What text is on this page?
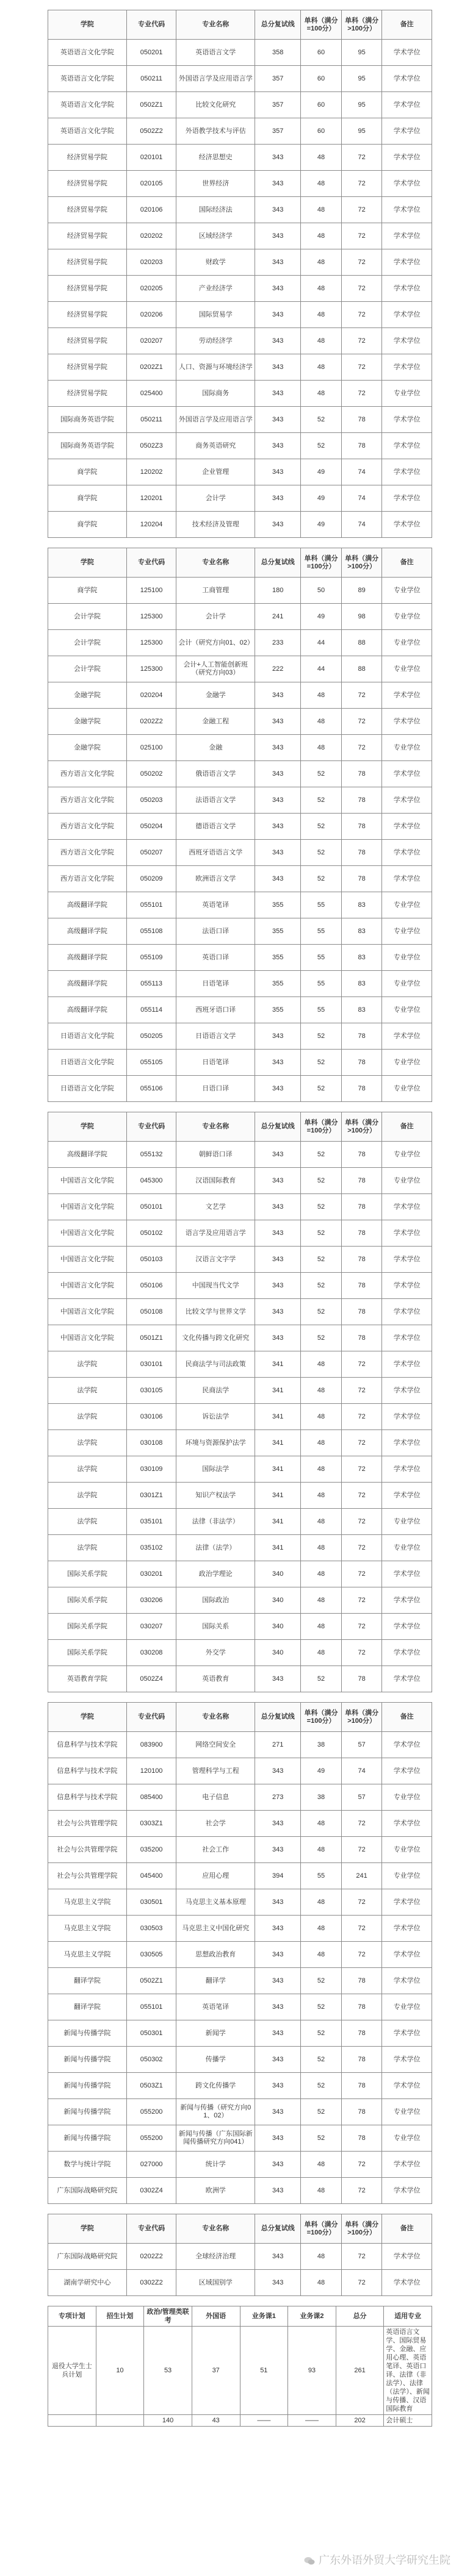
学院	专业代码	专业名称	总分复试线	单科（满分=100分）	单科（满分>100分）	备注
英语语言文化学院	050201	英语语言文学	358	60	95	学术学位
英语语言文化学院	050211	外国语言学及应用语言学	357	60	95	学术学位
英语语言文化学院	0502Z1	比较文化研究	357	60	95	学术学位
英语语言文化学院	0502Z2	外语教学技术与评估	357	60	95	学术学位
经济贸易学院	020101	经济思想史	343	48	72	学术学位
经济贸易学院	020105	世界经济	343	48	72	学术学位
经济贸易学院	020106	国际经济法	343	48	72	学术学位
经济贸易学院	020202	区域经济学	343	48	72	学术学位
经济贸易学院	020203	财政学	343	48	72	学术学位
经济贸易学院	020205	产业经济学	343	48	72	学术学位
经济贸易学院	020206	国际贸易学	343	48	72	学术学位
经济贸易学院	020207	劳动经济学	343	48	72	学术学位
经济贸易学院	0202Z1	人口、资源与环境经济学	343	48	72	学术学位
经济贸易学院	025400	国际商务	343	48	72	专业学位
国际商务英语学院	050211	外国语言学及应用语言学	343	52	78	学术学位
国际商务英语学院	0502Z3	商务英语研究	343	52	78	学术学位
商学院	120202	企业管理	343	49	74	学术学位
商学院	120201	会计学	343	49	74	学术学位
商学院	120204	技术经济及管理	343	49	74	学术学位
学院	专业代码	专业名称	总分复试线	单科（满分=100分）	单科（满分>100分）	备注
商学院	125100	工商管理	180	50	89	专业学位
会计学院	125300	会计学	241	49	98	专业学位
会计学院	125300	会计（研究方向01、02）	233	44	88	专业学位
会计学院	125300	会计+人工智能创新班（研究方向03）	222	44	88	专业学位
金融学院	020204	金融学	343	48	72	学术学位
金融学院	0202Z2	金融工程	343	48	72	学术学位
金融学院	025100	金融	343	48	72	专业学位
西方语言文化学院	050202	俄语语言文学	343	52	78	学术学位
西方语言文化学院	050203	法语语言文学	343	52	78	学术学位
西方语言文化学院	050204	德语语言文学	343	52	78	学术学位
西方语言文化学院	050207	西班牙语语言文学	343	52	78	学术学位
西方语言文化学院	050209	欧洲语言文学	343	52	78	学术学位
高级翻译学院	055101	英语笔译	355	55	83	专业学位
高级翻译学院	055108	法语口译	355	55	83	专业学位
高级翻译学院	055109	英语口译	355	55	83	专业学位
高级翻译学院	055113	日语笔译	355	55	83	专业学位
高级翻译学院	055114	西班牙语口译	355	55	83	专业学位
日语语言文化学院	050205	日语语言文学	343	52	78	学术学位
日语语言文化学院	055105	日语笔译	343	52	78	专业学位
日语语言文化学院	055106	日语口译	343	52	78	专业学位
学院	专业代码	专业名称	总分复试线	单科（满分=100分）	单科（满分>100分）	备注
高级翻译学院	055132	朝鲜语口译	343	52	78	专业学位
中国语言文化学院	045300	汉语国际教育	343	52	78	专业学位
中国语言文化学院	050101	文艺学	343	52	78	学术学位
中国语言文化学院	050102	语言学及应用语言学	343	52	78	学术学位
中国语言文化学院	050103	汉语言文字学	343	52	78	学术学位
中国语言文化学院	050106	中国现当代文学	343	52	78	学术学位
中国语言文化学院	050108	比较文学与世界文学	343	52	78	学术学位
中国语言文化学院	0501Z1	文化传播与跨文化研究	343	52	78	学术学位
法学院	030101	民商法学与司法政策	341	48	72	学术学位
法学院	030105	民商法学	341	48	72	学术学位
法学院	030106	诉讼法学	341	48	72	学术学位
法学院	030108	环境与资源保护法学	341	48	72	学术学位
法学院	030109	国际法学	341	48	72	学术学位
法学院	0301Z1	知识产权法学	341	48	72	学术学位
法学院	035101	法律（非法学）	341	48	72	专业学位
法学院	035102	法律（法学）	341	48	72	专业学位
国际关系学院	030201	政治学理论	340	48	72	学术学位
国际关系学院	030206	国际政治	340	48	72	学术学位
国际关系学院	030207	国际关系	340	48	72	学术学位
国际关系学院	030208	外交学	340	48	72	学术学位
英语教育学院	0502Z4	英语教育	343	52	78	学术学位
学院	专业代码	专业名称	总分复试线	单科（满分=100分）	单科（满分>100分）	备注
信息科学与技术学院	083900	网络空间安全	271	38	57	学术学位
信息科学与技术学院	120100	管理科学与工程	343	49	74	学术学位
信息科学与技术学院	085400	电子信息	273	38	57	专业学位
社会与公共管理学院	0303Z1	社会学	343	48	72	学术学位
社会与公共管理学院	035200	社会工作	343	48	72	专业学位
社会与公共管理学院	045400	应用心理	394	55	241	专业学位
马克思主义学院	030501	马克思主义基本原理	343	48	72	学术学位
马克思主义学院	030503	马克思主义中国化研究	343	48	72	学术学位
马克思主义学院	030505	思想政治教育	343	48	72	学术学位
翻译学院	0502Z1	翻译学	343	52	78	学术学位
翻译学院	055101	英语笔译	343	52	78	专业学位
新闻与传播学院	050301	新闻学	343	52	78	学术学位
新闻与传播学院	050302	传播学	343	52	78	学术学位
新闻与传播学院	0503Z1	跨文化传播学	343	52	78	学术学位
新闻与传播学院	055200	新闻与传播（研究方向01、02）	343	52	78	专业学位
新闻与传播学院	055200	新闻与传播（广东国际新闻传播研究方向041）	343	52	78	专业学位
数学与统计学院	027000	统计学	343	48	72	学术学位
广东国际战略研究院	0302Z4	欧洲学	343	48	72	学术学位
学院	专业代码	专业名称	总分复试线	单科（满分=100分）	单科（满分>100分）	备注
广东国际战略研究院	0202Z2	全球经济治理	343	48	72	学术学位
湖南学研究中心	0302Z2	区域国别学	343	48	72	学术学位
专项计划	招生计划	政治/管理类联考	外国语	业务课1	业务课2	总分	适用专业
退役大学生士兵计划	10	53	37	51	93	261	英语语言文学、国际贸易学、金融、应用心理、英语笔译、英语口译、法律（非法学）、法律（法学）、新闻与传播、汉语国际教育
		140	43	——	——	202	会计硕士
广东外语外贸大学研究生院
